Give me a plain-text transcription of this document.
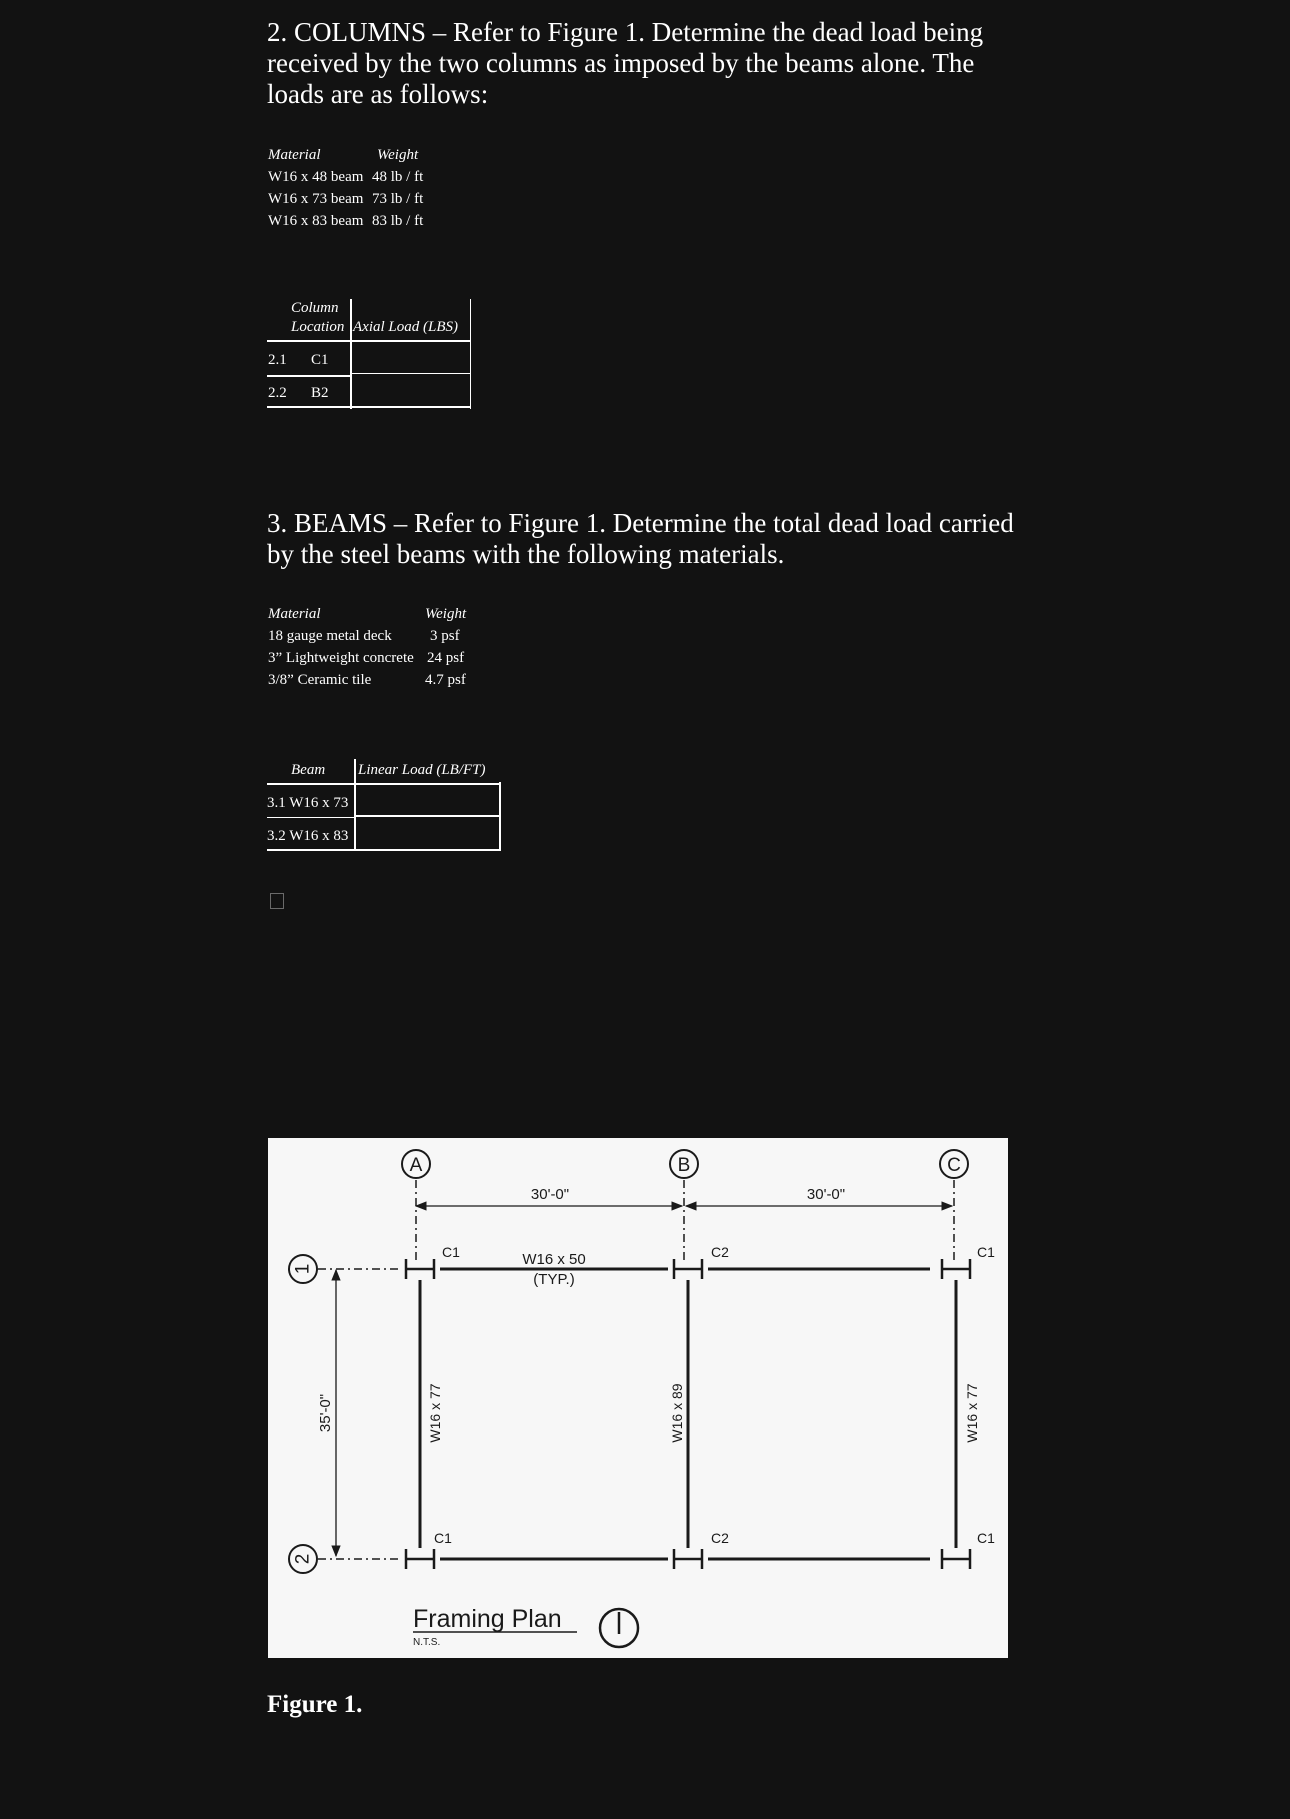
2. COLUMNS – Refer to Figure 1. Determine the dead load being received by the two columns as imposed by the beams alone. The loads are as follows:

Material	Weight
W16 x 48 beam 48 lb / ft
W16 x 73 beam 73 lb / ft
W16 x 83 beam 83 lb / ft
Column
Location Axial Load (LBS)
2.1 C1
2.2 B2

3. BEAMS – Refer to Figure 1. Determine the total dead load carried by the steel beams with the following materials.

Material	Weight
18 gauge metal deck	3 psf
3” Lightweight concrete 24 psf
3/8” Ceramic tile	4.7 psf
Beam Linear Load (LB/FT)
3.1 W16 x 73
3.2 W16 x 83
A	B	C
1
2
30'-0"	30'-0"
35'-0"
C1	C2	C1
C1	C2	C1
W16 x 50
(TYP.)
W16 x 77	W16 x 89	W16 x 77
Framing Plan
N.T.S.
Figure 1.
